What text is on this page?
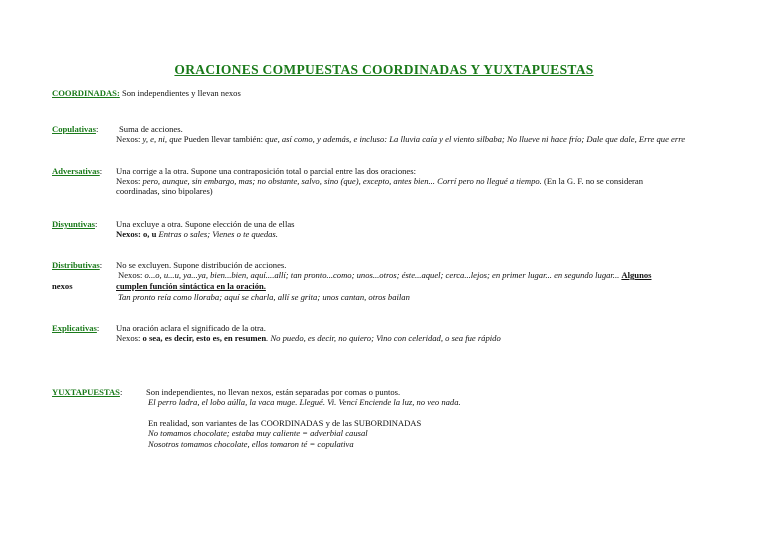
ORACIONES COMPUESTAS COORDINADAS Y YUXTAPUESTAS
COORDINADAS: Son independientes y llevan nexos
Copulativas: Suma de acciones.
Nexos: y, e, ni, que Pueden llevar también: que, así como, y además, e incluso: La lluvia caía y el viento silbaba; No llueve ni hace frío; Dale que dale, Erre que erre
Adversativas: Una corrige a la otra. Supone una contraposición total o parcial entre las dos oraciones:
Nexos: pero, aunque, sin embargo, mas; no obstante, salvo, sino (que), excepto, antes bien... Corrí pero no llegué a tiempo. (En la G. F. no se consideran
coordinadas, sino bipolares)
Disyuntivas: Una excluye a otra. Supone elección de una de ellas
Nexos: o, u Entras o sales; Vienes o te quedas.
Distributivas: No se excluyen. Supone distribución de acciones.
Nexos: o...o, u...u, ya...ya, bien...bien, aquí....allí; tan pronto...como; unos...otros; éste...aquel; cerca...lejos; en primer lugar... en segundo lugar... Algunos
nexos	cumplen función sintáctica en la oración.
Tan pronto reía como lloraba; aquí se charla, allí se grita; unos cantan, otros bailan
Explicativas: Una oración aclara el significado de la otra.
Nexos: o sea, es decir, esto es, en resumen. No puedo, es decir, no quiero; Vino con celeridad, o sea fue rápido
YUXTAPUESTAS:	Son independientes, no llevan nexos, están separadas por comas o puntos.
El perro ladra, el lobo aúlla, la vaca muge. Llegué. Vi. Vencí Enciende la luz, no veo nada.
En realidad, son variantes de las COORDINADAS y de las SUBORDINADAS
No tomamos chocolate; estaba muy caliente = adverbial causal
Nosotros tomamos chocolate, ellos tomaron té = copulativa
